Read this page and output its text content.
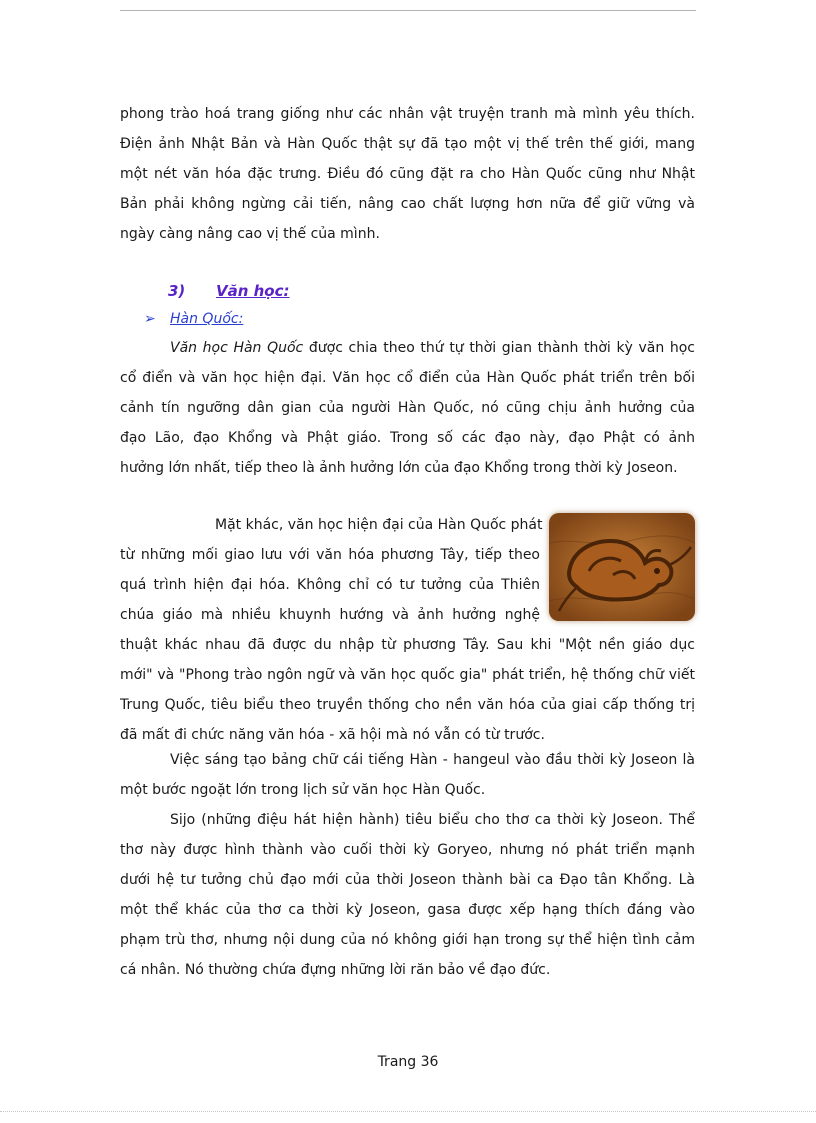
phong trào hoá trang giống như các nhân vật truyện tranh mà mình yêu thích.
Điện ảnh Nhật Bản và Hàn Quốc thật sự đã tạo một vị thế trên thế giới, mang
một nét văn hóa đặc trưng. Điều đó cũng đặt ra cho Hàn Quốc cũng như Nhật
Bản phải không ngừng cải tiến, nâng cao chất lượng hơn nữa để giữ vững và
ngày càng nâng cao vị thế của mình.

3) Văn học:

➢ Hàn Quốc:

Văn học Hàn Quốc được chia theo thứ tự thời gian thành thời kỳ văn học
cổ điển và văn học hiện đại. Văn học cổ điển của Hàn Quốc phát triển trên bối
cảnh tín ngưỡng dân gian của người Hàn Quốc, nó cũng chịu ảnh hưởng của
đạo Lão, đạo Khổng và Phật giáo. Trong số các đạo này, đạo Phật có ảnh
hưởng lớn nhất, tiếp theo là ảnh hưởng lớn của đạo Khổng trong thời kỳ Joseon.
Mặt khác, văn học hiện đại của Hàn Quốc phát
từ những mối giao lưu với văn hóa phương Tây, tiếp theo
quá trình hiện đại hóa. Không chỉ có tư tưởng của Thiên
chúa giáo mà nhiều khuynh hướng và ảnh hưởng nghệ
thuật khác nhau đã được du nhập từ phương Tây. Sau khi "Một nền giáo dục
mới" và "Phong trào ngôn ngữ và văn học quốc gia" phát triển, hệ thống chữ viết
Trung Quốc, tiêu biểu theo truyền thống cho nền văn hóa của giai cấp thống trị
đã mất đi chức năng văn hóa - xã hội mà nó vẫn có từ trước.
Việc sáng tạo bảng chữ cái tiếng Hàn - hangeul vào đầu thời kỳ Joseon là
một bước ngoặt lớn trong lịch sử văn học Hàn Quốc.
Sijo (những điệu hát hiện hành) tiêu biểu cho thơ ca thời kỳ Joseon. Thể
thơ này được hình thành vào cuối thời kỳ Goryeo, nhưng nó phát triển mạnh
dưới hệ tư tưởng chủ đạo mới của thời Joseon thành bài ca Đạo tân Khổng. Là
một thể khác của thơ ca thời kỳ Joseon, gasa được xếp hạng thích đáng vào
phạm trù thơ, nhưng nội dung của nó không giới hạn trong sự thể hiện tình cảm
cá nhân. Nó thường chứa đựng những lời răn bảo về đạo đức.

Trang 36
